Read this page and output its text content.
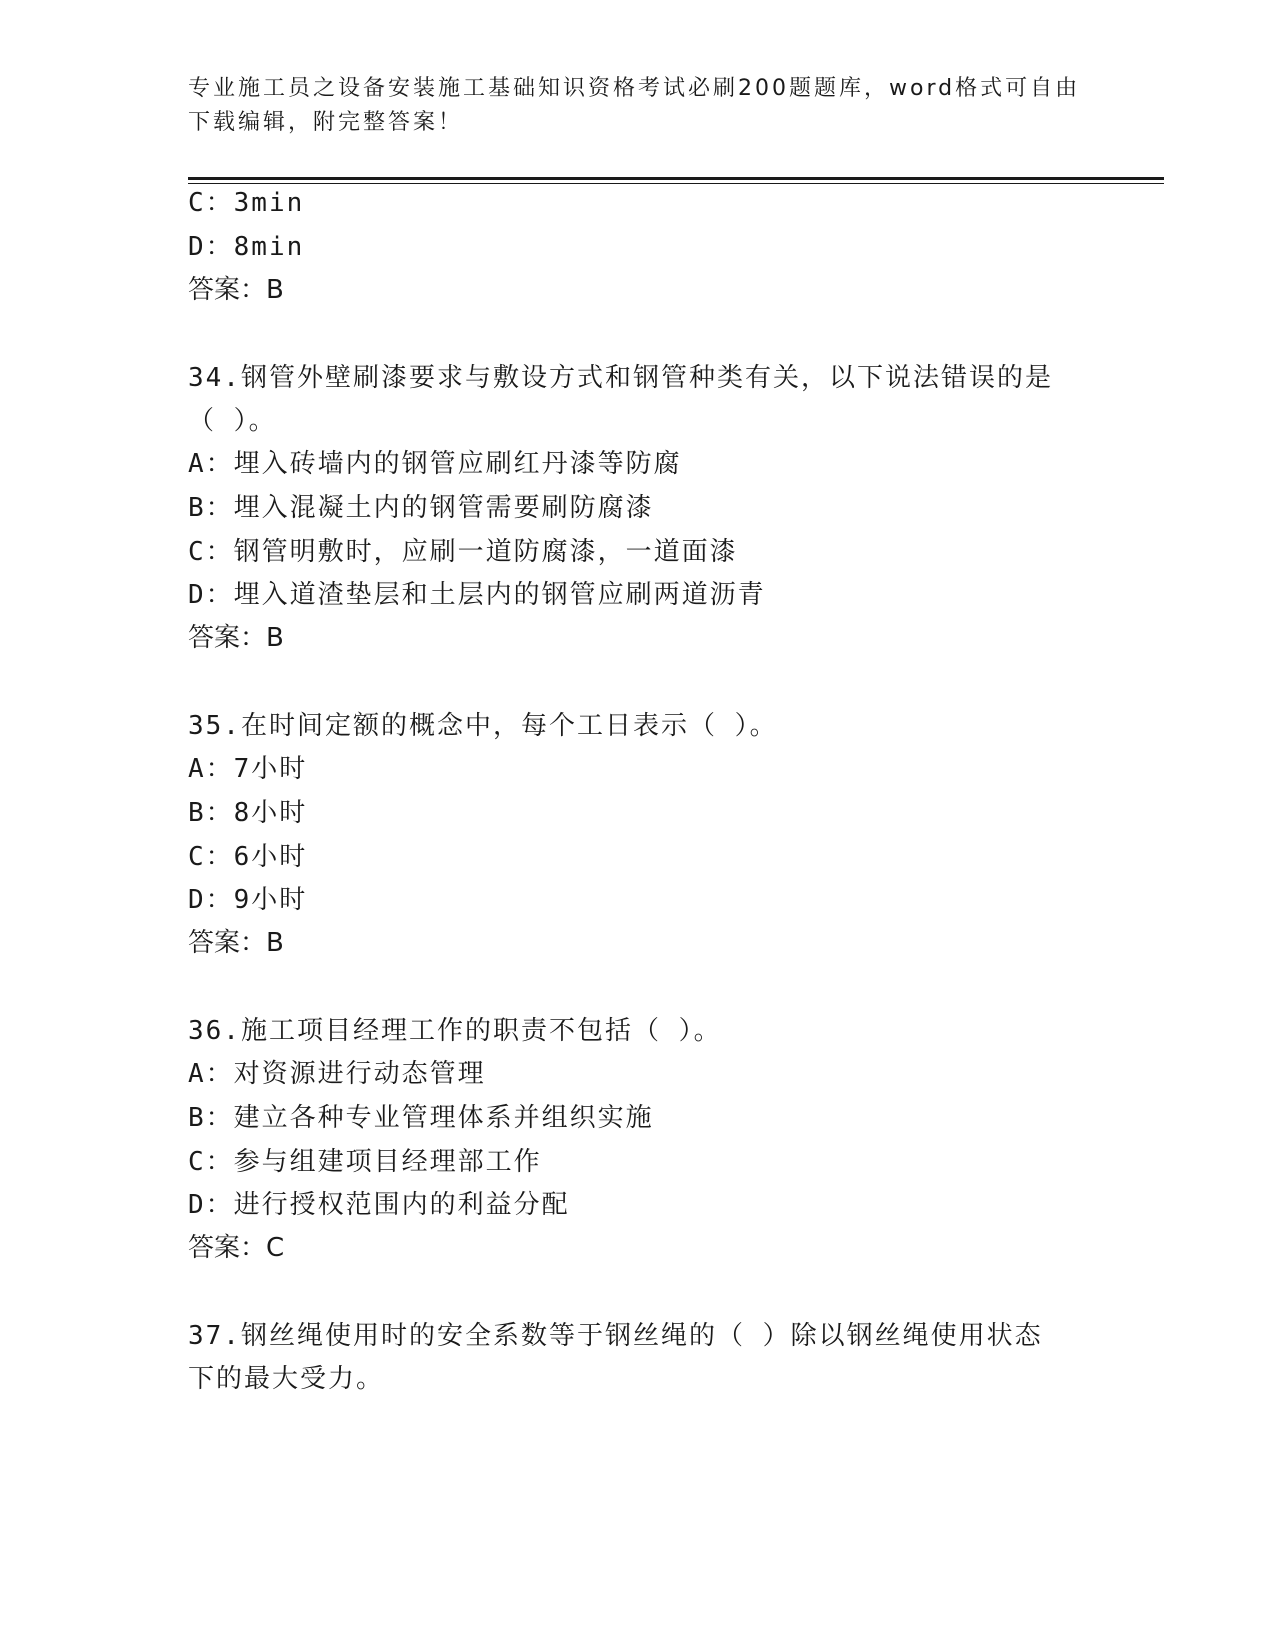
专业施工员之设备安装施工基础知识资格考试必刷200题题库，word格式可自由
下载编辑，附完整答案！
C：3min
D：8min
答案：B
34.钢管外壁刷漆要求与敷设方式和钢管种类有关，以下说法错误的是
（ ）。
A：埋入砖墙内的钢管应刷红丹漆等防腐
B：埋入混凝土内的钢管需要刷防腐漆
C：钢管明敷时，应刷一道防腐漆，一道面漆
D：埋入道渣垫层和土层内的钢管应刷两道沥青
答案：B
35.在时间定额的概念中，每个工日表示（ ）。
A：7小时
B：8小时
C：6小时
D：9小时
答案：B
36.施工项目经理工作的职责不包括（ ）。
A：对资源进行动态管理
B：建立各种专业管理体系并组织实施
C：参与组建项目经理部工作
D：进行授权范围内的利益分配
答案：C
37.钢丝绳使用时的安全系数等于钢丝绳的（ ）除以钢丝绳使用状态
下的最大受力。
